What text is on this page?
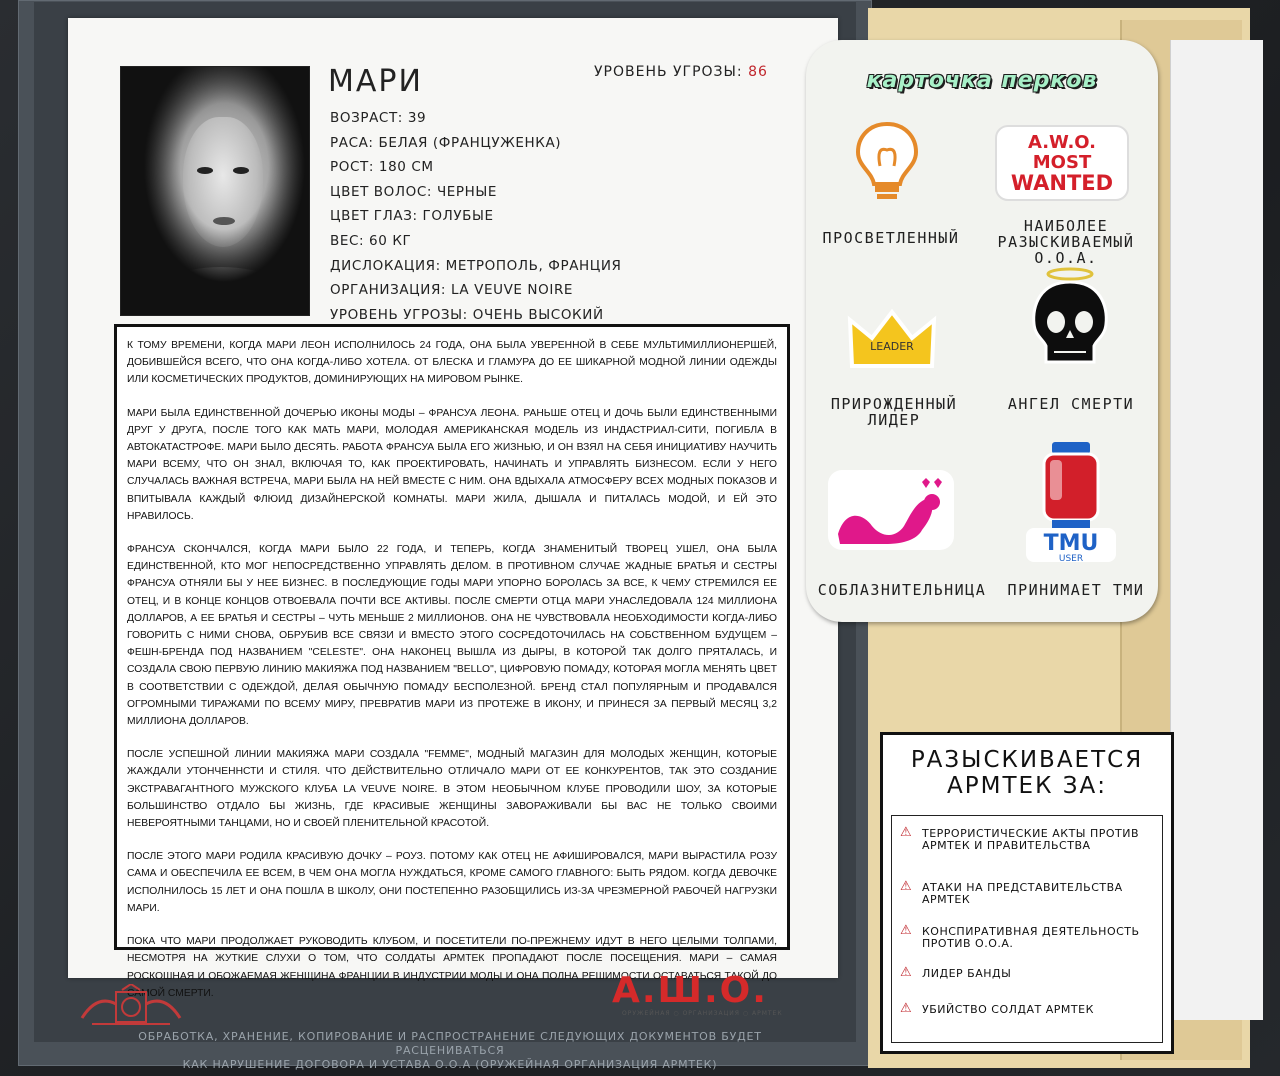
МАРИ	УРОВЕНЬ УГРОЗЫ: 86
ВОЗРАСТ: 39
РАСА: БЕЛАЯ (ФРАНЦУЖЕНКА)
РОСТ: 180 СМ
ЦВЕТ ВОЛОС: ЧЕРНЫЕ
ЦВЕТ ГЛАЗ: ГОЛУБЫЕ
ВЕС: 60 КГ
ДИСЛОКАЦИЯ: МЕТРОПОЛЬ, ФРАНЦИЯ
ОРГАНИЗАЦИЯ: LA VEUVE NOIRE
УРОВЕНЬ УГРОЗЫ: ОЧЕНЬ ВЫСОКИЙ

К ТОМУ ВРЕМЕНИ, КОГДА МАРИ ЛЕОН ИСПОЛНИЛОСЬ 24 ГОДА, ОНА БЫЛА УВЕРЕННОЙ В СЕБЕ МУЛЬТИМИЛЛИОНЕРШЕЙ, ДОБИВШЕЙСЯ ВСЕГО, ЧТО ОНА КОГДА-ЛИБО ХОТЕЛА. ОТ БЛЕСКА И ГЛАМУРА ДО ЕЕ ШИКАРНОЙ МОДНОЙ ЛИНИИ ОДЕЖДЫ ИЛИ КОСМЕТИЧЕСКИХ ПРОДУКТОВ, ДОМИНИРУЮЩИХ НА МИРОВОМ РЫНКЕ.

МАРИ БЫЛА ЕДИНСТВЕННОЙ ДОЧЕРЬЮ ИКОНЫ МОДЫ – ФРАНСУА ЛЕОНА. РАНЬШЕ ОТЕЦ И ДОЧЬ БЫЛИ ЕДИНСТВЕННЫМИ ДРУГ У ДРУГА, ПОСЛЕ ТОГО КАК МАТЬ МАРИ, МОЛОДАЯ АМЕРИКАНСКАЯ МОДЕЛЬ ИЗ ИНДАСТРИАЛ-СИТИ, ПОГИБЛА В АВТОКАТАСТРОФЕ. МАРИ БЫЛО ДЕСЯТЬ. РАБОТА ФРАНСУА БЫЛА ЕГО ЖИЗНЬЮ, И ОН ВЗЯЛ НА СЕБЯ ИНИЦИАТИВУ НАУЧИТЬ МАРИ ВСЕМУ, ЧТО ОН ЗНАЛ, ВКЛЮЧАЯ ТО, КАК ПРОЕКТИРОВАТЬ, НАЧИНАТЬ И УПРАВЛЯТЬ БИЗНЕСОМ. ЕСЛИ У НЕГО СЛУЧАЛАСЬ ВАЖНАЯ ВСТРЕЧА, МАРИ БЫЛА НА НЕЙ ВМЕСТЕ С НИМ. ОНА ВДЫХАЛА АТМОСФЕРУ ВСЕХ МОДНЫХ ПОКАЗОВ И ВПИТЫВАЛА КАЖДЫЙ ФЛЮИД ДИЗАЙНЕРСКОЙ КОМНАТЫ. МАРИ ЖИЛА, ДЫШАЛА И ПИТАЛАСЬ МОДОЙ, И ЕЙ ЭТО НРАВИЛОСЬ.

ФРАНСУА СКОНЧАЛСЯ, КОГДА МАРИ БЫЛО 22 ГОДА, И ТЕПЕРЬ, КОГДА ЗНАМЕНИТЫЙ ТВОРЕЦ УШЕЛ, ОНА БЫЛА ЕДИНСТВЕННОЙ, КТО МОГ НЕПОСРЕДСТВЕННО УПРАВЛЯТЬ ДЕЛОМ. В ПРОТИВНОМ СЛУЧАЕ ЖАДНЫЕ БРАТЬЯ И СЕСТРЫ ФРАНСУА ОТНЯЛИ БЫ У НЕЕ БИЗНЕС. В ПОСЛЕДУЮЩИЕ ГОДЫ МАРИ УПОРНО БОРОЛАСЬ ЗА ВСЕ, К ЧЕМУ СТРЕМИЛСЯ ЕЕ ОТЕЦ, И В КОНЦЕ КОНЦОВ ОТВОЕВАЛА ПОЧТИ ВСЕ АКТИВЫ. ПОСЛЕ СМЕРТИ ОТЦА МАРИ УНАСЛЕДОВАЛА 124 МИЛЛИОНА ДОЛЛАРОВ, А ЕЕ БРАТЬЯ И СЕСТРЫ – ЧУТЬ МЕНЬШЕ 2 МИЛЛИОНОВ. ОНА НЕ ЧУВСТВОВАЛА НЕОБХОДИМОСТИ КОГДА-ЛИБО ГОВОРИТЬ С НИМИ СНОВА, ОБРУБИВ ВСЕ СВЯЗИ И ВМЕСТО ЭТОГО СОСРЕДОТОЧИЛАСЬ НА СОБСТВЕННОМ БУДУЩЕМ – ФЕШН-БРЕНДА ПОД НАЗВАНИЕМ "CELESTE". ОНА НАКОНЕЦ ВЫШЛА ИЗ ДЫРЫ, В КОТОРОЙ ТАК ДОЛГО ПРЯТАЛАСЬ, И СОЗДАЛА СВОЮ ПЕРВУЮ ЛИНИЮ МАКИЯЖА ПОД НАЗВАНИЕМ "BELLO", ЦИФРОВУЮ ПОМАДУ, КОТОРАЯ МОГЛА МЕНЯТЬ ЦВЕТ В СООТВЕТСТВИИ С ОДЕЖДОЙ, ДЕЛАЯ ОБЫЧНУЮ ПОМАДУ БЕСПОЛЕЗНОЙ. БРЕНД СТАЛ ПОПУЛЯРНЫМ И ПРОДАВАЛСЯ ОГРОМНЫМИ ТИРАЖАМИ ПО ВСЕМУ МИРУ, ПРЕВРАТИВ МАРИ ИЗ ПРОТЕЖЕ В ИКОНУ, И ПРИНЕСЯ ЗА ПЕРВЫЙ МЕСЯЦ 3,2 МИЛЛИОНА ДОЛЛАРОВ.

ПОСЛЕ УСПЕШНОЙ ЛИНИИ МАКИЯЖА МАРИ СОЗДАЛА "FEMME", МОДНЫЙ МАГАЗИН ДЛЯ МОЛОДЫХ ЖЕНЩИН, КОТОРЫЕ ЖАЖДАЛИ УТОНЧЕННСТИ И СТИЛЯ. ЧТО ДЕЙСТВИТЕЛЬНО ОТЛИЧАЛО МАРИ ОТ ЕЕ КОНКУРЕНТОВ, ТАК ЭТО СОЗДАНИЕ ЭКСТРАВАГАНТНОГО МУЖСКОГО КЛУБА LA VEUVE NOIRE. В ЭТОМ НЕОБЫЧНОМ КЛУБЕ ПРОВОДИЛИ ШОУ, ЗА КОТОРЫЕ БОЛЬШИНСТВО ОТДАЛО БЫ ЖИЗНЬ, ГДЕ КРАСИВЫЕ ЖЕНЩИНЫ ЗАВОРАЖИВАЛИ БЫ ВАС НЕ ТОЛЬКО СВОИМИ НЕВЕРОЯТНЫМИ ТАНЦАМИ, НО И СВОЕЙ ПЛЕНИТЕЛЬНОЙ КРАСОТОЙ.

ПОСЛЕ ЭТОГО МАРИ РОДИЛА КРАСИВУЮ ДОЧКУ – РОУЗ. ПОТОМУ КАК ОТЕЦ НЕ АФИШИРОВАЛСЯ, МАРИ ВЫРАСТИЛА РОЗУ САМА И ОБЕСПЕЧИЛА ЕЕ ВСЕМ, В ЧЕМ ОНА МОГЛА НУЖДАТЬСЯ, КРОМЕ САМОГО ГЛАВНОГО: БЫТЬ РЯДОМ. КОГДА ДЕВОЧКЕ ИСПОЛНИЛОСЬ 15 ЛЕТ И ОНА ПОШЛА В ШКОЛУ, ОНИ ПОСТЕПЕННО РАЗОБЩИЛИСЬ ИЗ-ЗА ЧРЕЗМЕРНОЙ РАБОЧЕЙ НАГРУЗКИ МАРИ.

ПОКА ЧТО МАРИ ПРОДОЛЖАЕТ РУКОВОДИТЬ КЛУБОМ, И ПОСЕТИТЕЛИ ПО-ПРЕЖНЕМУ ИДУТ В НЕГО ЦЕЛЫМИ ТОЛПАМИ, НЕСМОТРЯ НА ЖУТКИЕ СЛУХИ О ТОМ, ЧТО СОЛДАТЫ АРМТЕК ПРОПАДАЮТ ПОСЛЕ ПОСЕЩЕНИЯ. МАРИ – САМАЯ РОСКОШНАЯ И ОБОЖАЕМАЯ ЖЕНЩИНА ФРАНЦИИ В ИНДУСТРИИ МОДЫ И ОНА ПОЛНА РЕШИМОСТИ ОСТАВАТЬСЯ ТАКОЙ ДО САМОЙ СМЕРТИ.	А.Ш.О.
ОРУЖЕЙНАЯ ○ ОРГАНИЗАЦИЯ ○ АРМТЕК
ОБРАБОТКА, ХРАНЕНИЕ, КОПИРОВАНИЕ И РАСПРОСТРАНЕНИЕ СЛЕДУЮЩИХ ДОКУМЕНТОВ БУДЕТ РАСЦЕНИВАТЬСЯ
КАК НАРУШЕНИЕ ДОГОВОРА И УСТАВА О.О.А (ОРУЖЕЙНАЯ ОРГАНИЗАЦИЯ АРМТЕК)
карточка перков
ПРОСВЕТЛЕННЫЙ
A.W.O.
MOST
WANTED
НАИБОЛЕЕ РАЗЫСКИВАЕМЫЙ О.О.А.
LEADER
ПРИРОЖДЕННЫЙ ЛИДЕР
АНГЕЛ СМЕРТИ
СОБЛАЗНИТЕЛЬНИЦА
TMU
USER
ПРИНИМАЕТ ТМИ
РАЗЫСКИВАЕТСЯ
АРМТЕК ЗА:
⚠ ТЕРРОРИСТИЧЕСКИЕ АКТЫ ПРОТИВ АРМТЕК И ПРАВИТЕЛЬСТВА
⚠ АТАКИ НА ПРЕДСТАВИТЕЛЬСТВА АРМТЕК
⚠ КОНСПИРАТИВНАЯ ДЕЯТЕЛЬНОСТЬ ПРОТИВ О.О.А.
⚠ ЛИДЕР БАНДЫ
⚠ УБИЙСТВО СОЛДАТ АРМТЕК
